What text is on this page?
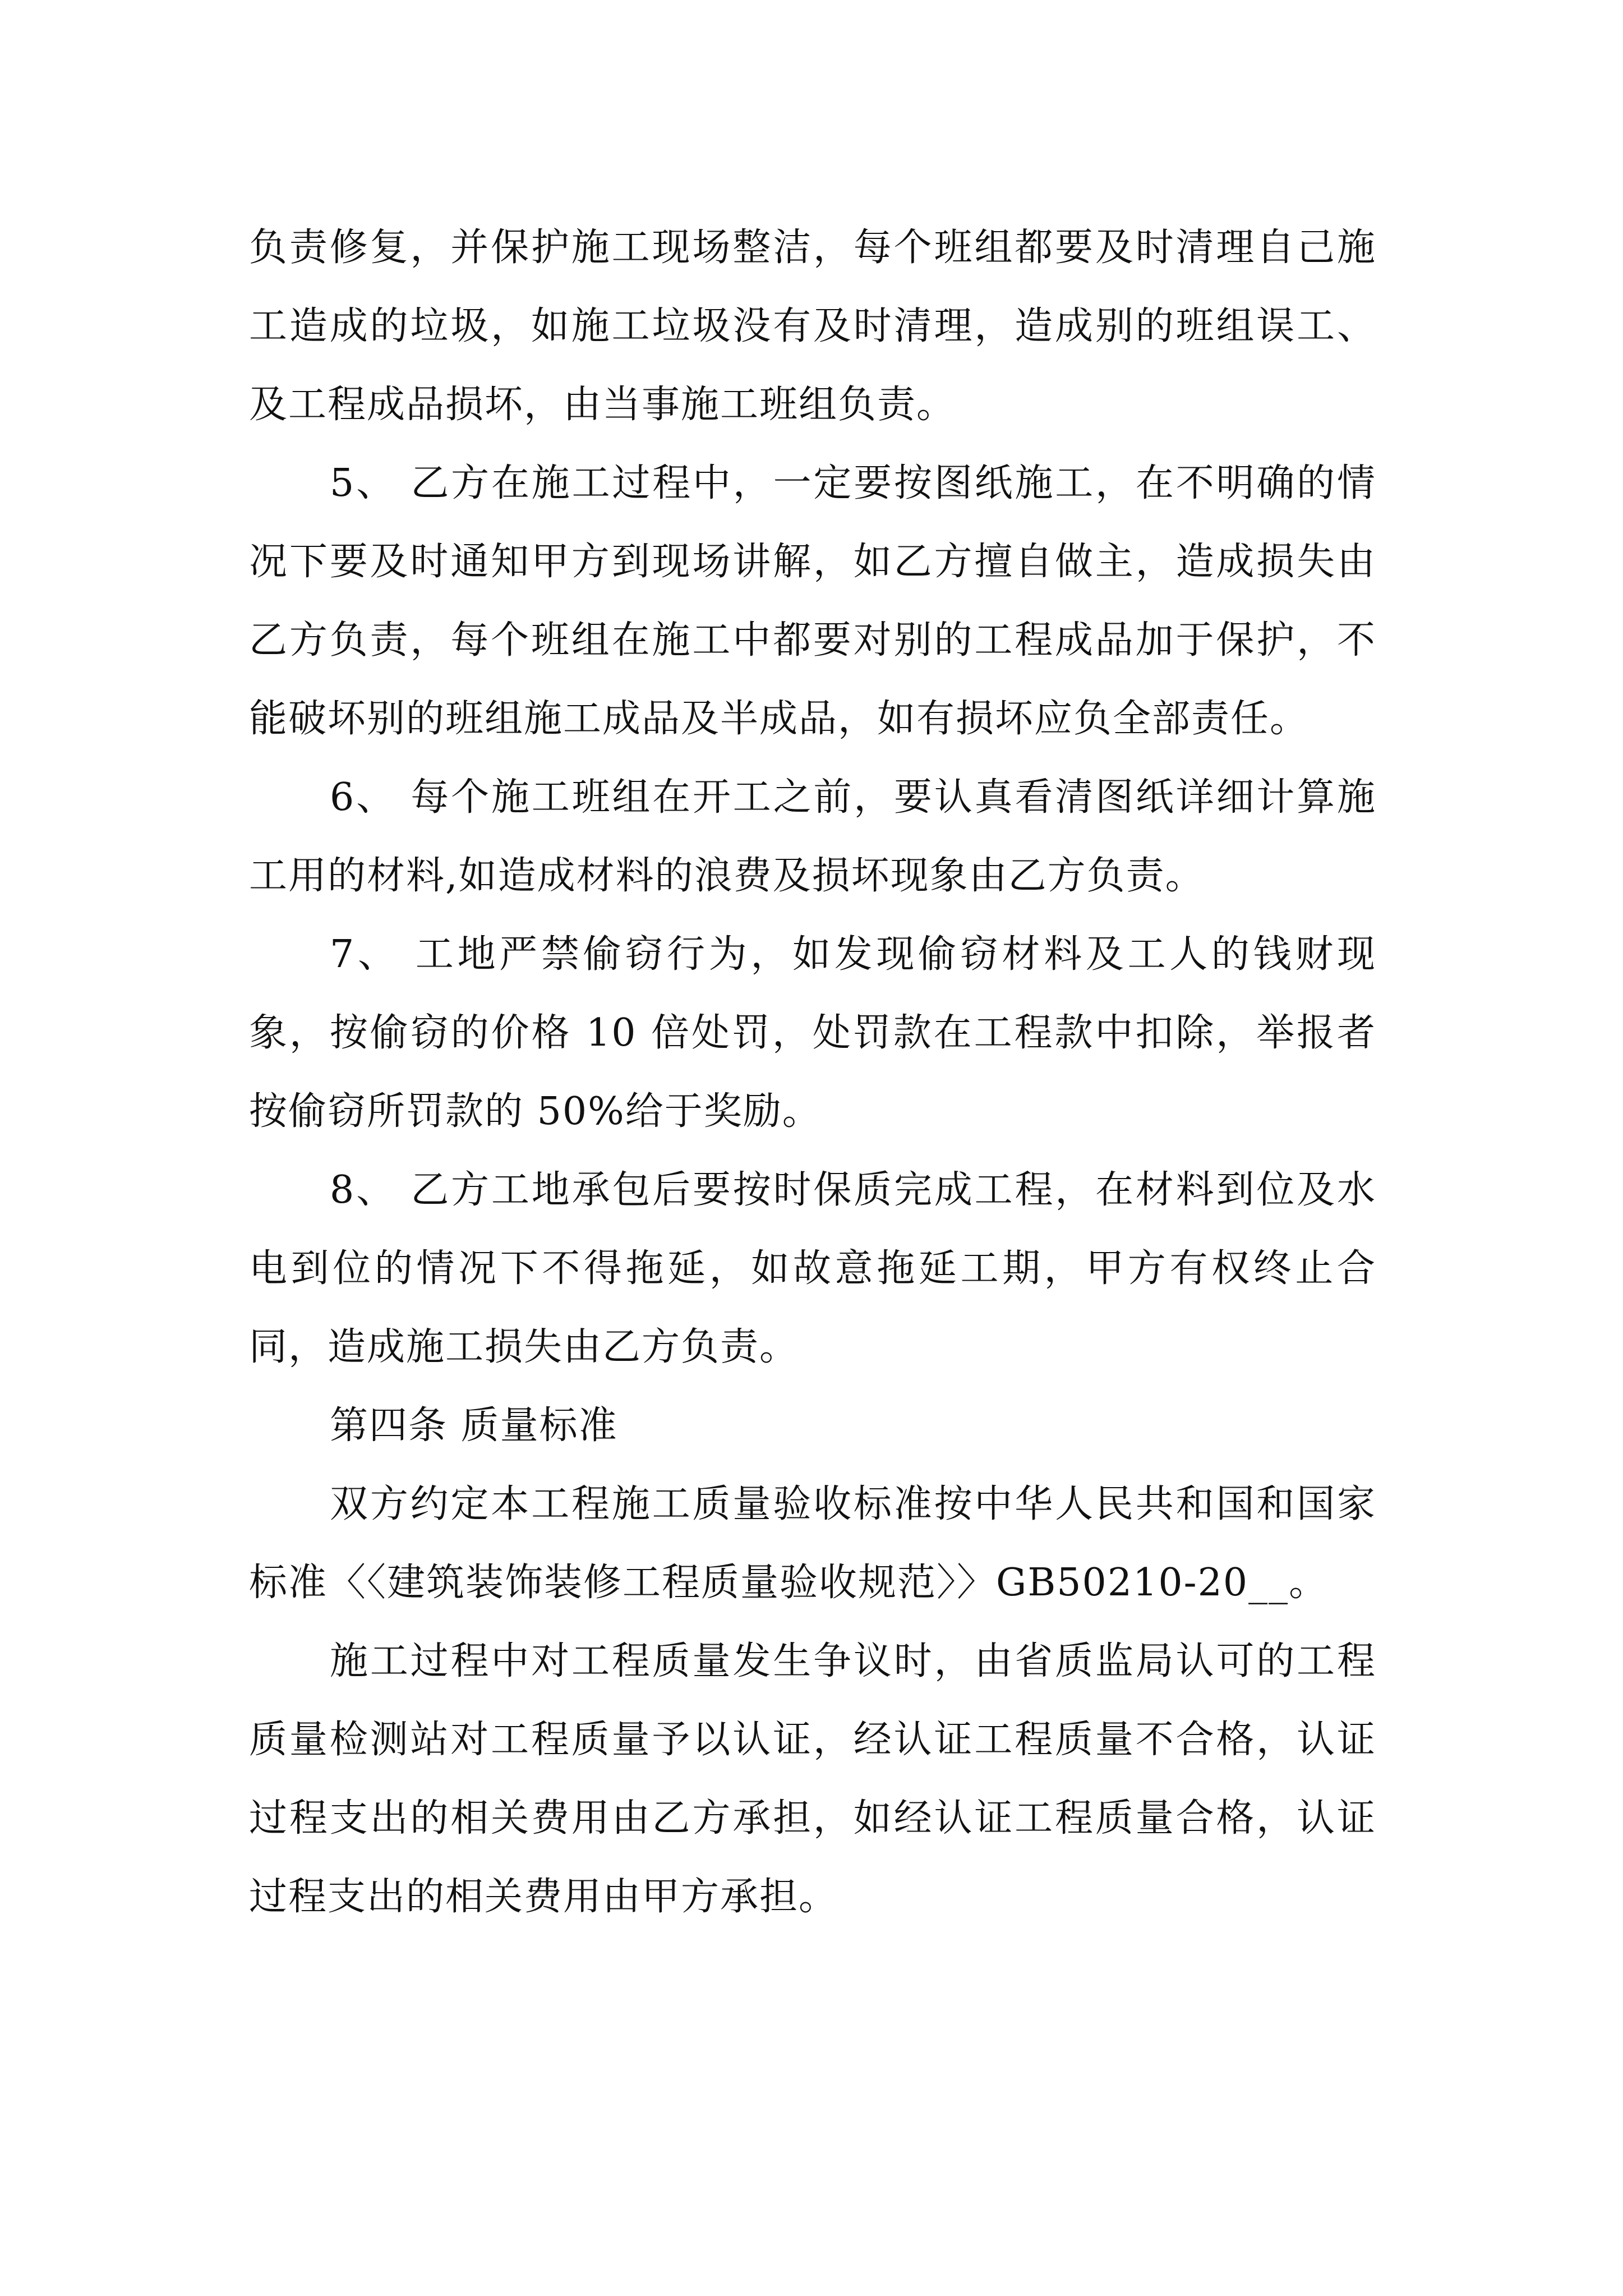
负责修复，并保护施工现场整洁，每个班组都要及时清理自己施工造成的垃圾，如施工垃圾没有及时清理，造成别的班组误工、及工程成品损坏，由当事施工班组负责。

5、 乙方在施工过程中，一定要按图纸施工，在不明确的情况下要及时通知甲方到现场讲解，如乙方擅自做主，造成损失由乙方负责，每个班组在施工中都要对别的工程成品加于保护，不能破坏别的班组施工成品及半成品，如有损坏应负全部责任。

6、 每个施工班组在开工之前，要认真看清图纸详细计算施工用的材料,如造成材料的浪费及损坏现象由乙方负责。

7、 工地严禁偷窃行为，如发现偷窃材料及工人的钱财现象，按偷窃的价格 10 倍处罚，处罚款在工程款中扣除，举报者按偷窃所罚款的 50%给于奖励。

8、 乙方工地承包后要按时保质完成工程，在材料到位及水电到位的情况下不得拖延，如故意拖延工期，甲方有权终止合同，造成施工损失由乙方负责。

第四条 质量标准

双方约定本工程施工质量验收标准按中华人民共和国和国家标准〈〈建筑装饰装修工程质量验收规范〉〉GB50210-20__。

施工过程中对工程质量发生争议时，由省质监局认可的工程质量检测站对工程质量予以认证，经认证工程质量不合格，认证过程支出的相关费用由乙方承担，如经认证工程质量合格，认证过程支出的相关费用由甲方承担。
